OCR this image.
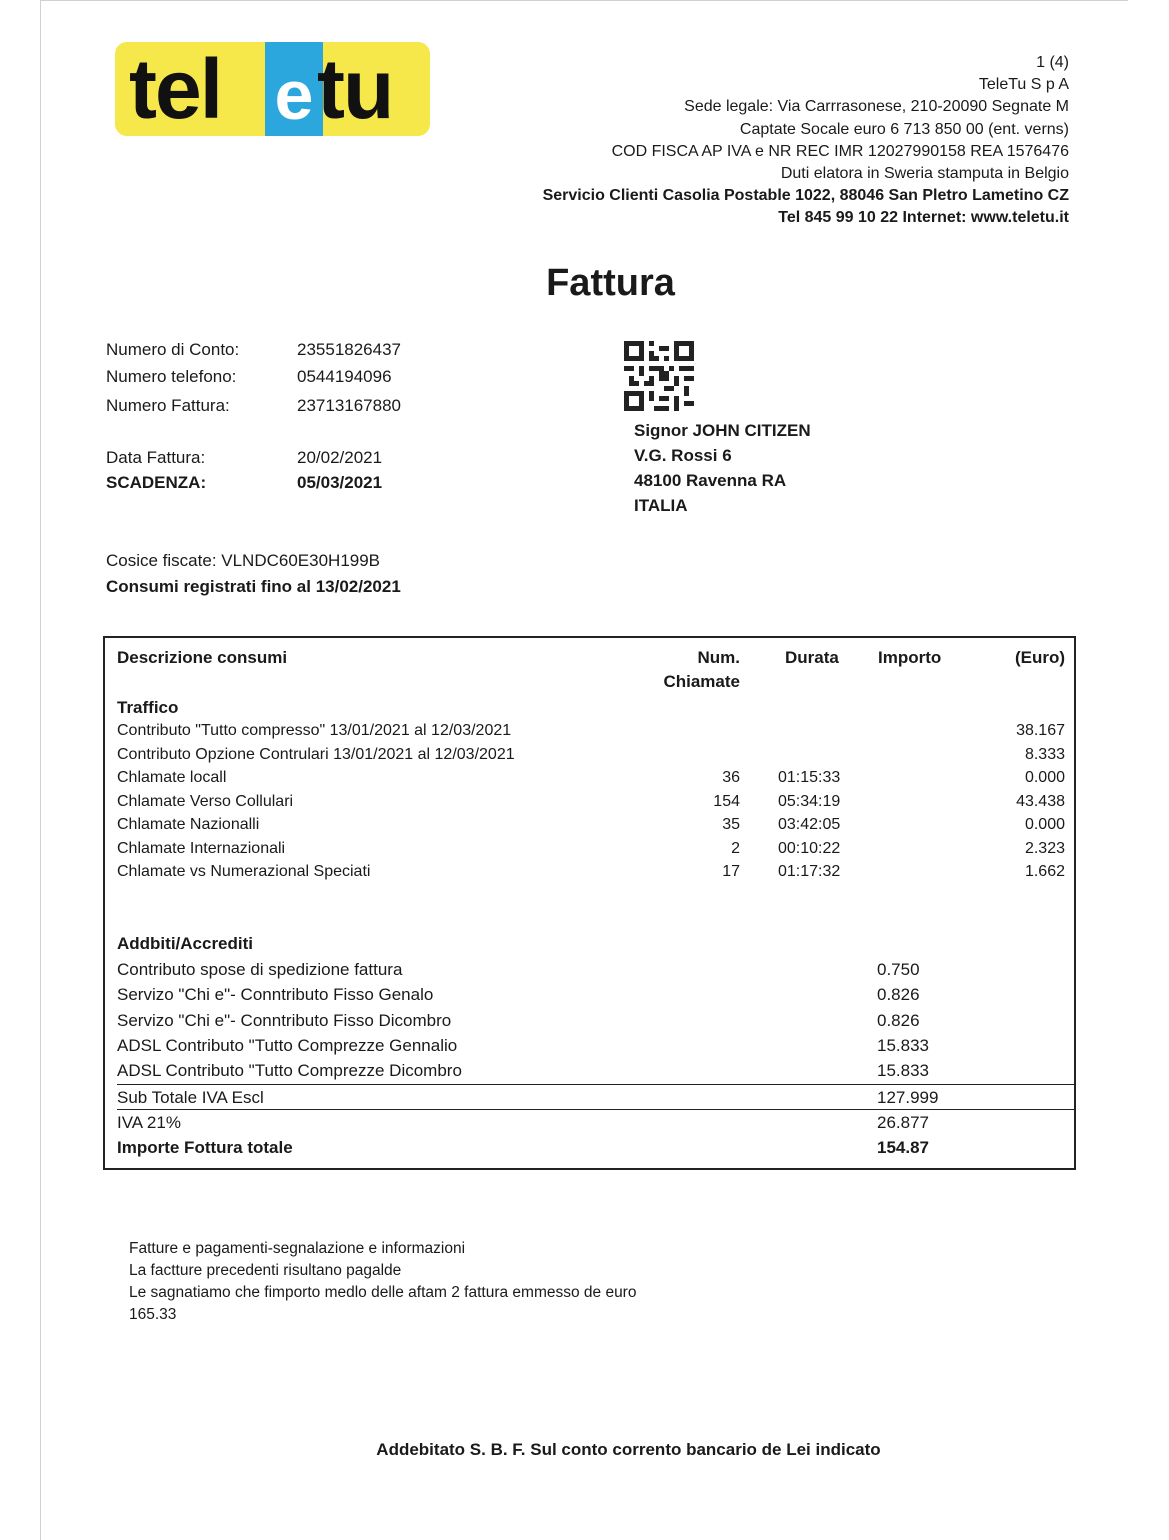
tel e tu	1 (4)
TeleTu S p A
Sede legale: Via Carrrasonese, 210-20090 Segnate M
Captate Socale euro 6 713 850 00 (ent. verns)
COD FISCA AP IVA e NR REC IMR 12027990158 REA 1576476
Duti elatora in Sweria stamputa in Belgio
Servicio Clienti Casolia Postable 1022, 88046 San Pletro Lametino CZ
Tel 845 99 10 22 Internet: www.teletu.it
Fattura
Numero di Conto:	23551826437
Numero telefono:	0544194096
Numero Fattura:	23713167880
Data Fattura:	20/02/2021
SCADENZA:	05/03/2021
Signor JOHN CITIZEN
V.G. Rossi 6
48100 Ravenna RA
ITALIA
Cosice fiscate: VLNDC60E30H199B
Consumi registrati fino al 13/02/2021
Descrizione consumi	Num.
Chiamate
Durata Importo	(Euro)
Traffico
Contributo "Tutto compresso" 13/01/2021 al 12/03/2021	38.167
Contributo Opzione Contrulari 13/01/2021 al 12/03/2021	8.333
Chlamate locall	36 01:15:33	0.000
Chlamate Verso Collulari	154 05:34:19	43.438
Chlamate Nazionalli	35 03:42:05	0.000
Chlamate Internazionali	2 00:10:22	2.323
Chlamate vs Numerazional Speciati	17 01:17:32	1.662
Addbiti/Accrediti
Contributo spose di spedizione fattura	0.750
Servizo "Chi e"- Conntributo Fisso Genalo	0.826
Servizo "Chi e"- Conntributo Fisso Dicombro	0.826
ADSL Contributo "Tutto Comprezze Gennalio	15.833
ADSL Contributo "Tutto Comprezze Dicombro	15.833
Sub Totale IVA Escl	127.999
IVA 21%	26.877
Importe Fottura totale	154.87
Fatture e pagamenti-segnalazione e informazioni
La factture precedenti risultano pagalde
Le sagnatiamo che fimporto medlo delle aftam 2 fattura emmesso de euro
165.33
Addebitato S. B. F. Sul conto corrento bancario de Lei indicato
